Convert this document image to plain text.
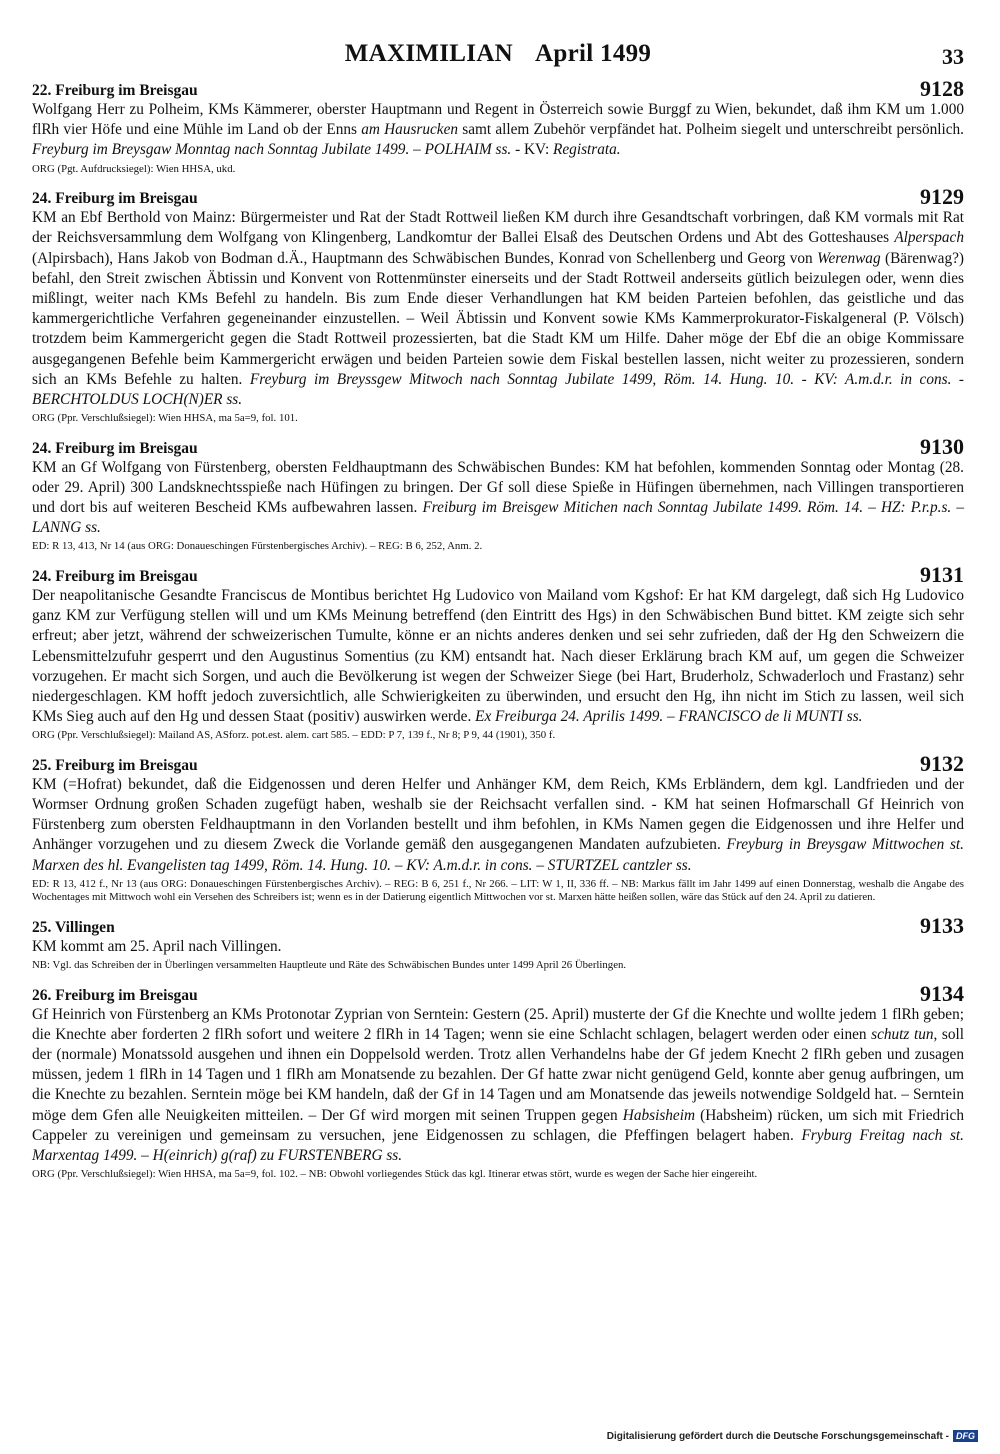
MAXIMILIAN April 1499	33
22. Freiburg im Breisgau	9128

Wolfgang Herr zu Polheim, KMs Kämmerer, oberster Hauptmann und Regent in Österreich sowie Burggf zu Wien, bekundet, daß ihm KM um 1.000 flRh vier Höfe und eine Mühle im Land ob der Enns am Hausrucken samt allem Zubehör verpfändet hat. Polheim siegelt und unterschreibt persönlich. Freyburg im Breysgaw Monntag nach Sonntag Jubilate 1499. – POLHAIM ss. - KV: Registrata.

ORG (Pgt. Aufdrucksiegel): Wien HHSA, ukd.

24. Freiburg im Breisgau	9129

KM an Ebf Berthold von Mainz: Bürgermeister und Rat der Stadt Rottweil ließen KM durch ihre Gesandtschaft vorbringen, daß KM vormals mit Rat der Reichsversammlung dem Wolfgang von Klingenberg, Landkomtur der Ballei Elsaß des Deutschen Ordens und Abt des Gotteshauses Alperspach (Alpirsbach), Hans Jakob von Bodman d.Ä., Hauptmann des Schwäbischen Bundes, Konrad von Schellenberg und Georg von Werenwag (Bärenwag?) befahl, den Streit zwischen Äbtissin und Konvent von Rottenmünster einerseits und der Stadt Rottweil anderseits gütlich beizulegen oder, wenn dies mißlingt, weiter nach KMs Befehl zu handeln. Bis zum Ende dieser Verhandlungen hat KM beiden Parteien befohlen, das geistliche und das kammergerichtliche Verfahren gegeneinander einzustellen. – Weil Äbtissin und Konvent sowie KMs Kammerprokurator-Fiskalgeneral (P. Völsch) trotzdem beim Kammergericht gegen die Stadt Rottweil prozessierten, bat die Stadt KM um Hilfe. Daher möge der Ebf die an obige Kommissare ausgegangenen Befehle beim Kammergericht erwägen und beiden Parteien sowie dem Fiskal bestellen lassen, nicht weiter zu prozessieren, sondern sich an KMs Befehle zu halten. Freyburg im Breyssgew Mitwoch nach Sonntag Jubilate 1499, Röm. 14. Hung. 10. - KV: A.m.d.r. in cons. - BERCHTOLDUS LOCH(N)ER ss.

ORG (Ppr. Verschlußsiegel): Wien HHSA, ma 5a=9, fol. 101.

24. Freiburg im Breisgau	9130

KM an Gf Wolfgang von Fürstenberg, obersten Feldhauptmann des Schwäbischen Bundes: KM hat befohlen, kommenden Sonntag oder Montag (28. oder 29. April) 300 Landsknechtsspieße nach Hüfingen zu bringen. Der Gf soll diese Spieße in Hüfingen übernehmen, nach Villingen transportieren und dort bis auf weiteren Bescheid KMs aufbewahren lassen. Freiburg im Breisgew Mitichen nach Sonntag Jubilate 1499. Röm. 14. – HZ: P.r.p.s. – LANNG ss.

ED: R 13, 413, Nr 14 (aus ORG: Donaueschingen Fürstenbergisches Archiv). – REG: B 6, 252, Anm. 2.

24. Freiburg im Breisgau	9131

Der neapolitanische Gesandte Franciscus de Montibus berichtet Hg Ludovico von Mailand vom Kgshof: Er hat KM dargelegt, daß sich Hg Ludovico ganz KM zur Verfügung stellen will und um KMs Meinung betreffend (den Eintritt des Hgs) in den Schwäbischen Bund bittet. KM zeigte sich sehr erfreut; aber jetzt, während der schweizerischen Tumulte, könne er an nichts anderes denken und sei sehr zufrieden, daß der Hg den Schweizern die Lebensmittelzufuhr gesperrt und den Augustinus Somentius (zu KM) entsandt hat. Nach dieser Erklärung brach KM auf, um gegen die Schweizer vorzugehen. Er macht sich Sorgen, und auch die Bevölkerung ist wegen der Schweizer Siege (bei Hart, Bruderholz, Schwaderloch und Frastanz) sehr niedergeschlagen. KM hofft jedoch zuversichtlich, alle Schwierigkeiten zu überwinden, und ersucht den Hg, ihn nicht im Stich zu lassen, weil sich KMs Sieg auch auf den Hg und dessen Staat (positiv) auswirken werde. Ex Freiburga 24. Aprilis 1499. – FRANCISCO de li MUNTI ss.

ORG (Ppr. Verschlußsiegel): Mailand AS, ASforz. pot.est. alem. cart 585. – EDD: P 7, 139 f., Nr 8; P 9, 44 (1901), 350 f.

25. Freiburg im Breisgau	9132

KM (=Hofrat) bekundet, daß die Eidgenossen und deren Helfer und Anhänger KM, dem Reich, KMs Erbländern, dem kgl. Landfrieden und der Wormser Ordnung großen Schaden zugefügt haben, weshalb sie der Reichsacht verfallen sind. - KM hat seinen Hofmarschall Gf Heinrich von Fürstenberg zum obersten Feldhauptmann in den Vorlanden bestellt und ihm befohlen, in KMs Namen gegen die Eidgenossen und ihre Helfer und Anhänger vorzugehen und zu diesem Zweck die Vorlande gemäß den ausgegangenen Mandaten aufzubieten. Freyburg in Breysgaw Mittwochen st. Marxen des hl. Evangelisten tag 1499, Röm. 14. Hung. 10. – KV: A.m.d.r. in cons. – STURTZEL cantzler ss.

ED: R 13, 412 f., Nr 13 (aus ORG: Donaueschingen Fürstenbergisches Archiv). – REG: B 6, 251 f., Nr 266. – LIT: W 1, II, 336 ff. – NB: Markus fällt im Jahr 1499 auf einen Donnerstag, weshalb die Angabe des Wochentages mit Mittwoch wohl ein Versehen des Schreibers ist; wenn es in der Datierung eigentlich Mittwochen vor st. Marxen hätte heißen sollen, wäre das Stück auf den 24. April zu datieren.

25. Villingen	9133

KM kommt am 25. April nach Villingen.

NB: Vgl. das Schreiben der in Überlingen versammelten Hauptleute und Räte des Schwäbischen Bundes unter 1499 April 26 Überlingen.

26. Freiburg im Breisgau	9134

Gf Heinrich von Fürstenberg an KMs Protonotar Zyprian von Serntein: Gestern (25. April) musterte der Gf die Knechte und wollte jedem 1 flRh geben; die Knechte aber forderten 2 flRh sofort und weitere 2 flRh in 14 Tagen; wenn sie eine Schlacht schlagen, belagert werden oder einen schutz tun, soll der (normale) Monatssold ausgehen und ihnen ein Doppelsold werden. Trotz allen Verhandelns habe der Gf jedem Knecht 2 flRh geben und zusagen müssen, jedem 1 flRh in 14 Tagen und 1 flRh am Monatsende zu bezahlen. Der Gf hatte zwar nicht genügend Geld, konnte aber genug aufbringen, um die Knechte zu bezahlen. Serntein möge bei KM handeln, daß der Gf in 14 Tagen und am Monatsende das jeweils notwendige Soldgeld hat. – Serntein möge dem Gfen alle Neuigkeiten mitteilen. – Der Gf wird morgen mit seinen Truppen gegen Habsisheim (Habsheim) rücken, um sich mit Friedrich Cappeler zu vereinigen und gemeinsam zu versuchen, jene Eidgenossen zu schlagen, die Pfeffingen belagert haben. Fryburg Freitag nach st. Marxentag 1499. – H(einrich) g(raf) zu FURSTENBERG ss.

ORG (Ppr. Verschlußsiegel): Wien HHSA, ma 5a=9, fol. 102. – NB: Obwohl vorliegendes Stück das kgl. Itinerar etwas stört, wurde es wegen der Sache hier eingereiht.

Digitalisierung gefördert durch die Deutsche Forschungsgemeinschaft - DFG
